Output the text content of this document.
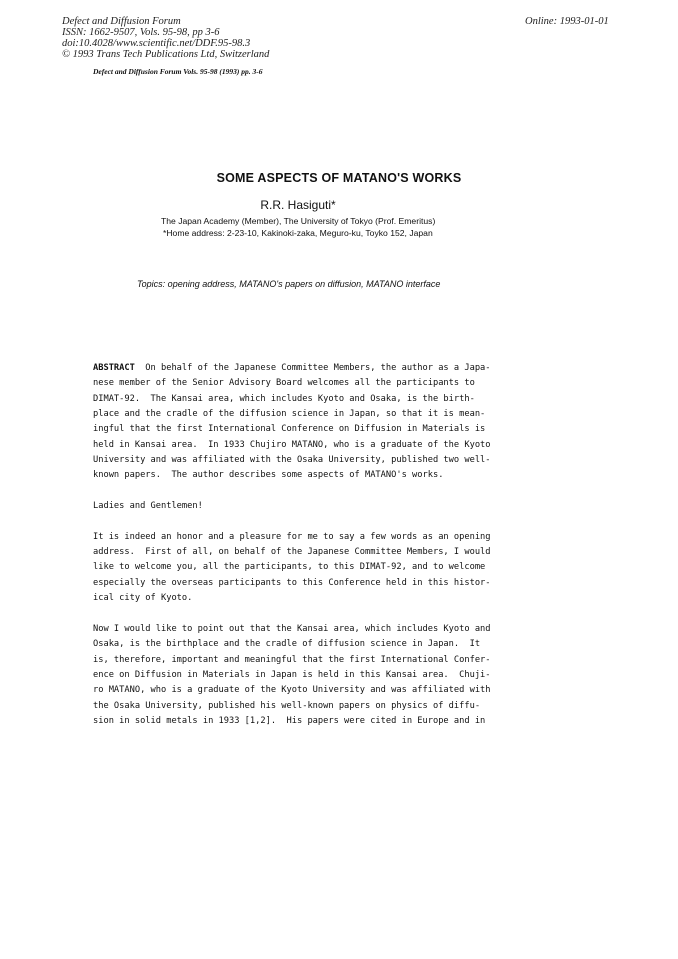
Defect and Diffusion Forum
ISSN: 1662-9507, Vols. 95-98, pp 3-6
doi:10.4028/www.scientific.net/DDF.95-98.3
© 1993 Trans Tech Publications Ltd, Switzerland
Online: 1993-01-01
Defect and Diffusion Forum Vols. 95-98 (1993) pp. 3-6
SOME ASPECTS OF MATANO'S WORKS
R.R. Hasiguti*
The Japan Academy (Member), The University of Tokyo (Prof. Emeritus)
*Home address: 2-23-10, Kakinoki-zaka, Meguro-ku, Toyko 152, Japan
Topics: opening address, MATANO's papers on diffusion, MATANO interface
ABSTRACT  On behalf of the Japanese Committee Members, the author as a Japa-
nese member of the Senior Advisory Board welcomes all the participants to
DIMAT-92.  The Kansai area, which includes Kyoto and Osaka, is the birth-
place and the cradle of the diffusion science in Japan, so that it is mean-
ingful that the first International Conference on Diffusion in Materials is
held in Kansai area.  In 1933 Chujiro MATANO, who is a graduate of the Kyoto
University and was affiliated with the Osaka University, published two well-
known papers.  The author describes some aspects of MATANO's works.
Ladies and Gentlemen!
It is indeed an honor and a pleasure for me to say a few words as an opening
address.  First of all, on behalf of the Japanese Committee Members, I would
like to welcome you, all the participants, to this DIMAT-92, and to welcome
especially the overseas participants to this Conference held in this histor-
ical city of Kyoto.
Now I would like to point out that the Kansai area, which includes Kyoto and
Osaka, is the birthplace and the cradle of diffusion science in Japan.  It
is, therefore, important and meaningful that the first International Confer-
ence on Diffusion in Materials in Japan is held in this Kansai area.  Chuji-
ro MATANO, who is a graduate of the Kyoto University and was affiliated with
the Osaka University, published his well-known papers on physics of diffu-
sion in solid metals in 1933 [1,2].  His papers were cited in Europe and in
